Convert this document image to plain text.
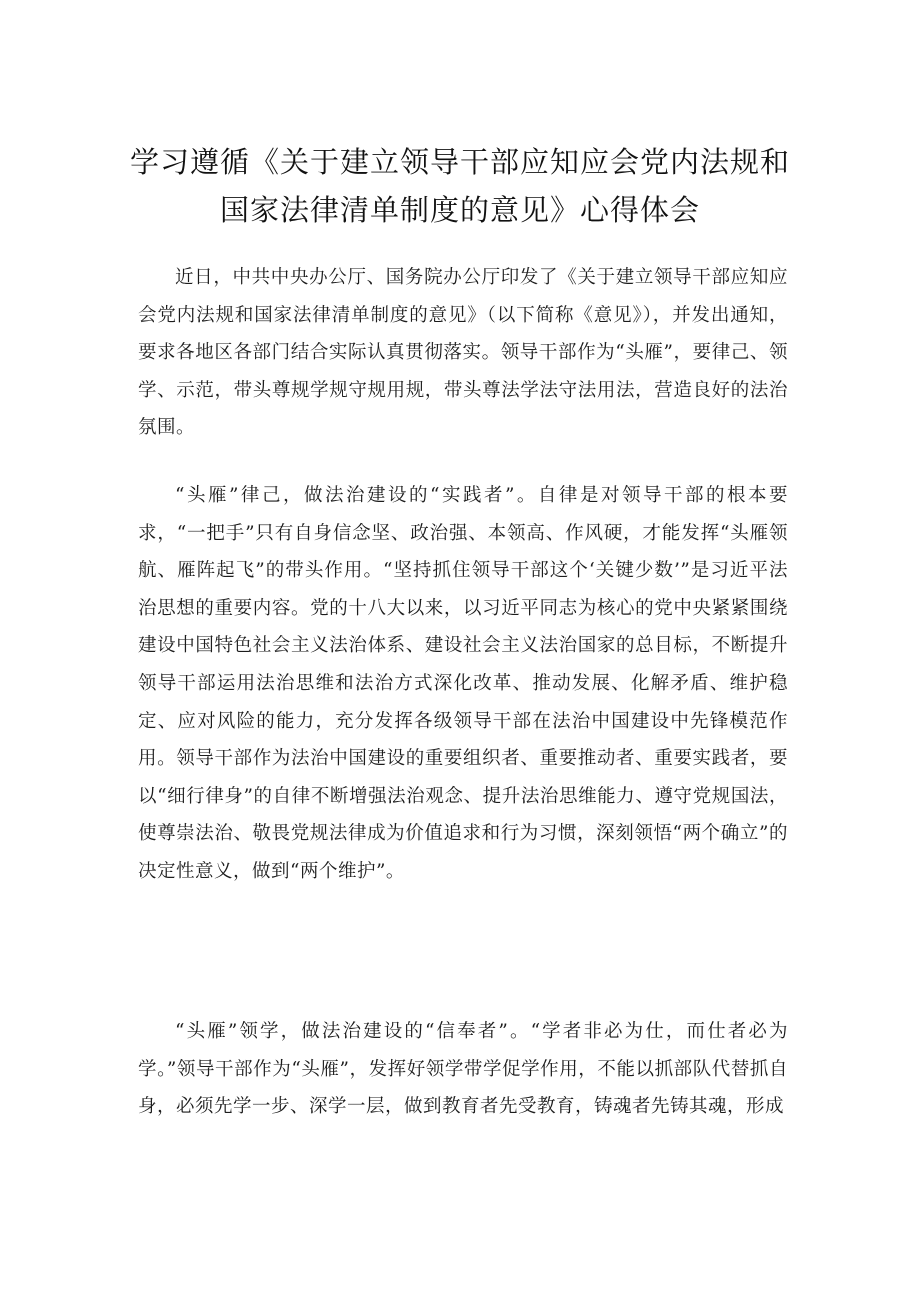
学习遵循《关于建立领导干部应知应会党内法规和
国家法律清单制度的意见》心得体会

近日，中共中央办公厅、国务院办公厅印发了《关于建立领导干部应知应会党内法规和国家法律清单制度的意见》（以下简称《意见》），并发出通知，要求各地区各部门结合实际认真贯彻落实。领导干部作为“头雁”，要律己、领学、示范，带头尊规学规守规用规，带头尊法学法守法用法，营造良好的法治氛围。

“头雁”律己，做法治建设的“实践者”。自律是对领导干部的根本要求，“一把手”只有自身信念坚、政治强、本领高、作风硬，才能发挥“头雁领航、雁阵起飞”的带头作用。“坚持抓住领导干部这个‘关键少数’”是习近平法治思想的重要内容。党的十八大以来，以习近平同志为核心的党中央紧紧围绕建设中国特色社会主义法治体系、建设社会主义法治国家的总目标，不断提升领导干部运用法治思维和法治方式深化改革、推动发展、化解矛盾、维护稳定、应对风险的能力，充分发挥各级领导干部在法治中国建设中先锋模范作用。领导干部作为法治中国建设的重要组织者、重要推动者、重要实践者，要以“细行律身”的自律不断增强法治观念、提升法治思维能力、遵守党规国法，使尊崇法治、敬畏党规法律成为价值追求和行为习惯，深刻领悟“两个确立”的决定性意义，做到“两个维护”。

“头雁”领学，做法治建设的“信奉者”。“学者非必为仕，而仕者必为学。”领导干部作为“头雁”，发挥好领学带学促学作用，不能以抓部队代替抓自身，必须先学一步、深学一层，做到教育者先受教育，铸魂者先铸其魂，形成
